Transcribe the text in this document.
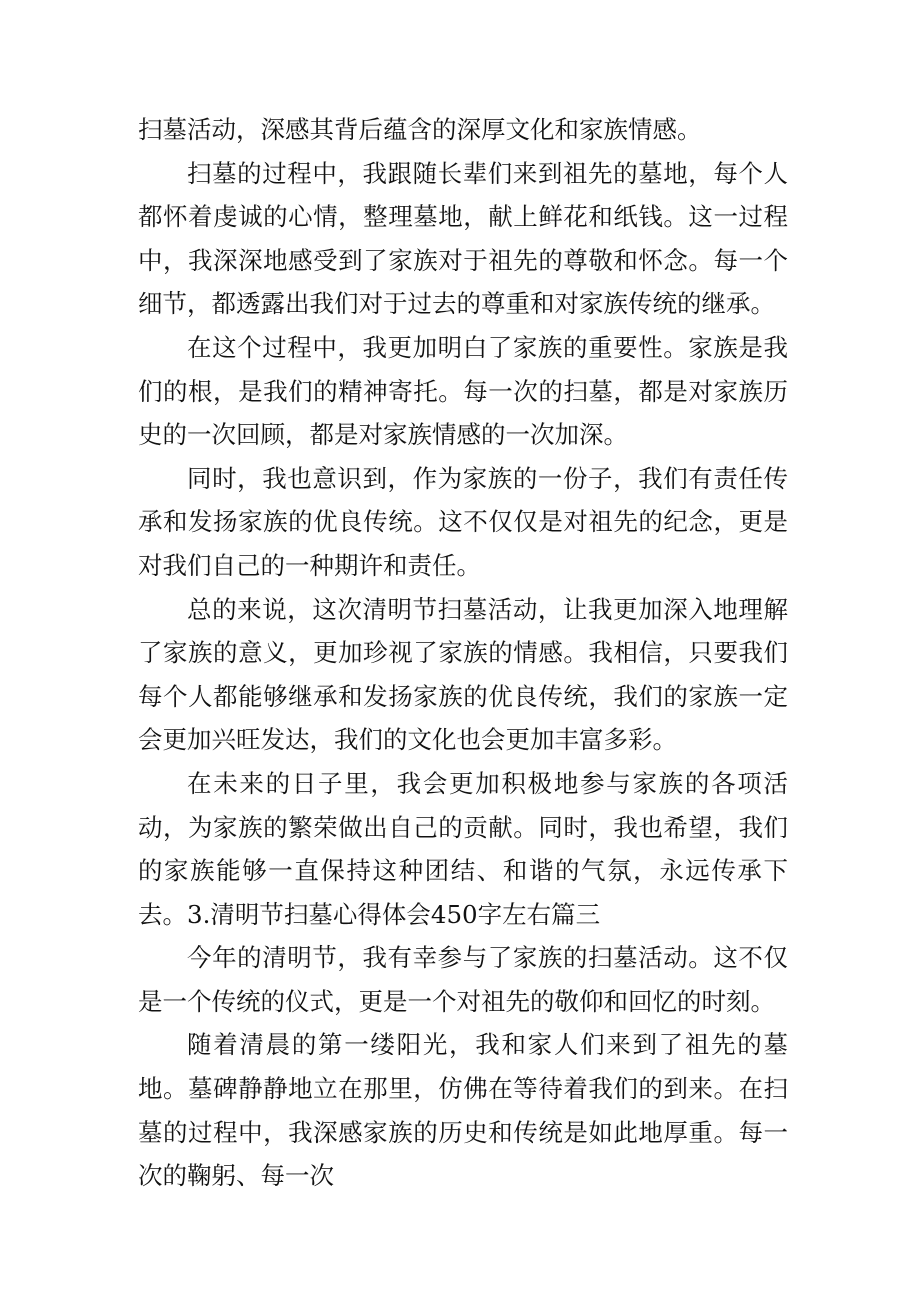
扫墓活动，深感其背后蕴含的深厚文化和家族情感。

扫墓的过程中，我跟随长辈们来到祖先的墓地，每个人都怀着虔诚的心情，整理墓地，献上鲜花和纸钱。这一过程中，我深深地感受到了家族对于祖先的尊敬和怀念。每一个细节，都透露出我们对于过去的尊重和对家族传统的继承。

在这个过程中，我更加明白了家族的重要性。家族是我们的根，是我们的精神寄托。每一次的扫墓，都是对家族历史的一次回顾，都是对家族情感的一次加深。

同时，我也意识到，作为家族的一份子，我们有责任传承和发扬家族的优良传统。这不仅仅是对祖先的纪念，更是对我们自己的一种期许和责任。

总的来说，这次清明节扫墓活动，让我更加深入地理解了家族的意义，更加珍视了家族的情感。我相信，只要我们每个人都能够继承和发扬家族的优良传统，我们的家族一定会更加兴旺发达，我们的文化也会更加丰富多彩。

在未来的日子里，我会更加积极地参与家族的各项活动，为家族的繁荣做出自己的贡献。同时，我也希望，我们的家族能够一直保持这种团结、和谐的气氛，永远传承下去。3.清明节扫墓心得体会450字左右篇三

今年的清明节，我有幸参与了家族的扫墓活动。这不仅是一个传统的仪式，更是一个对祖先的敬仰和回忆的时刻。

随着清晨的第一缕阳光，我和家人们来到了祖先的墓地。墓碑静静地立在那里，仿佛在等待着我们的到来。在扫墓的过程中，我深感家族的历史和传统是如此地厚重。每一次的鞠躬、每一次
